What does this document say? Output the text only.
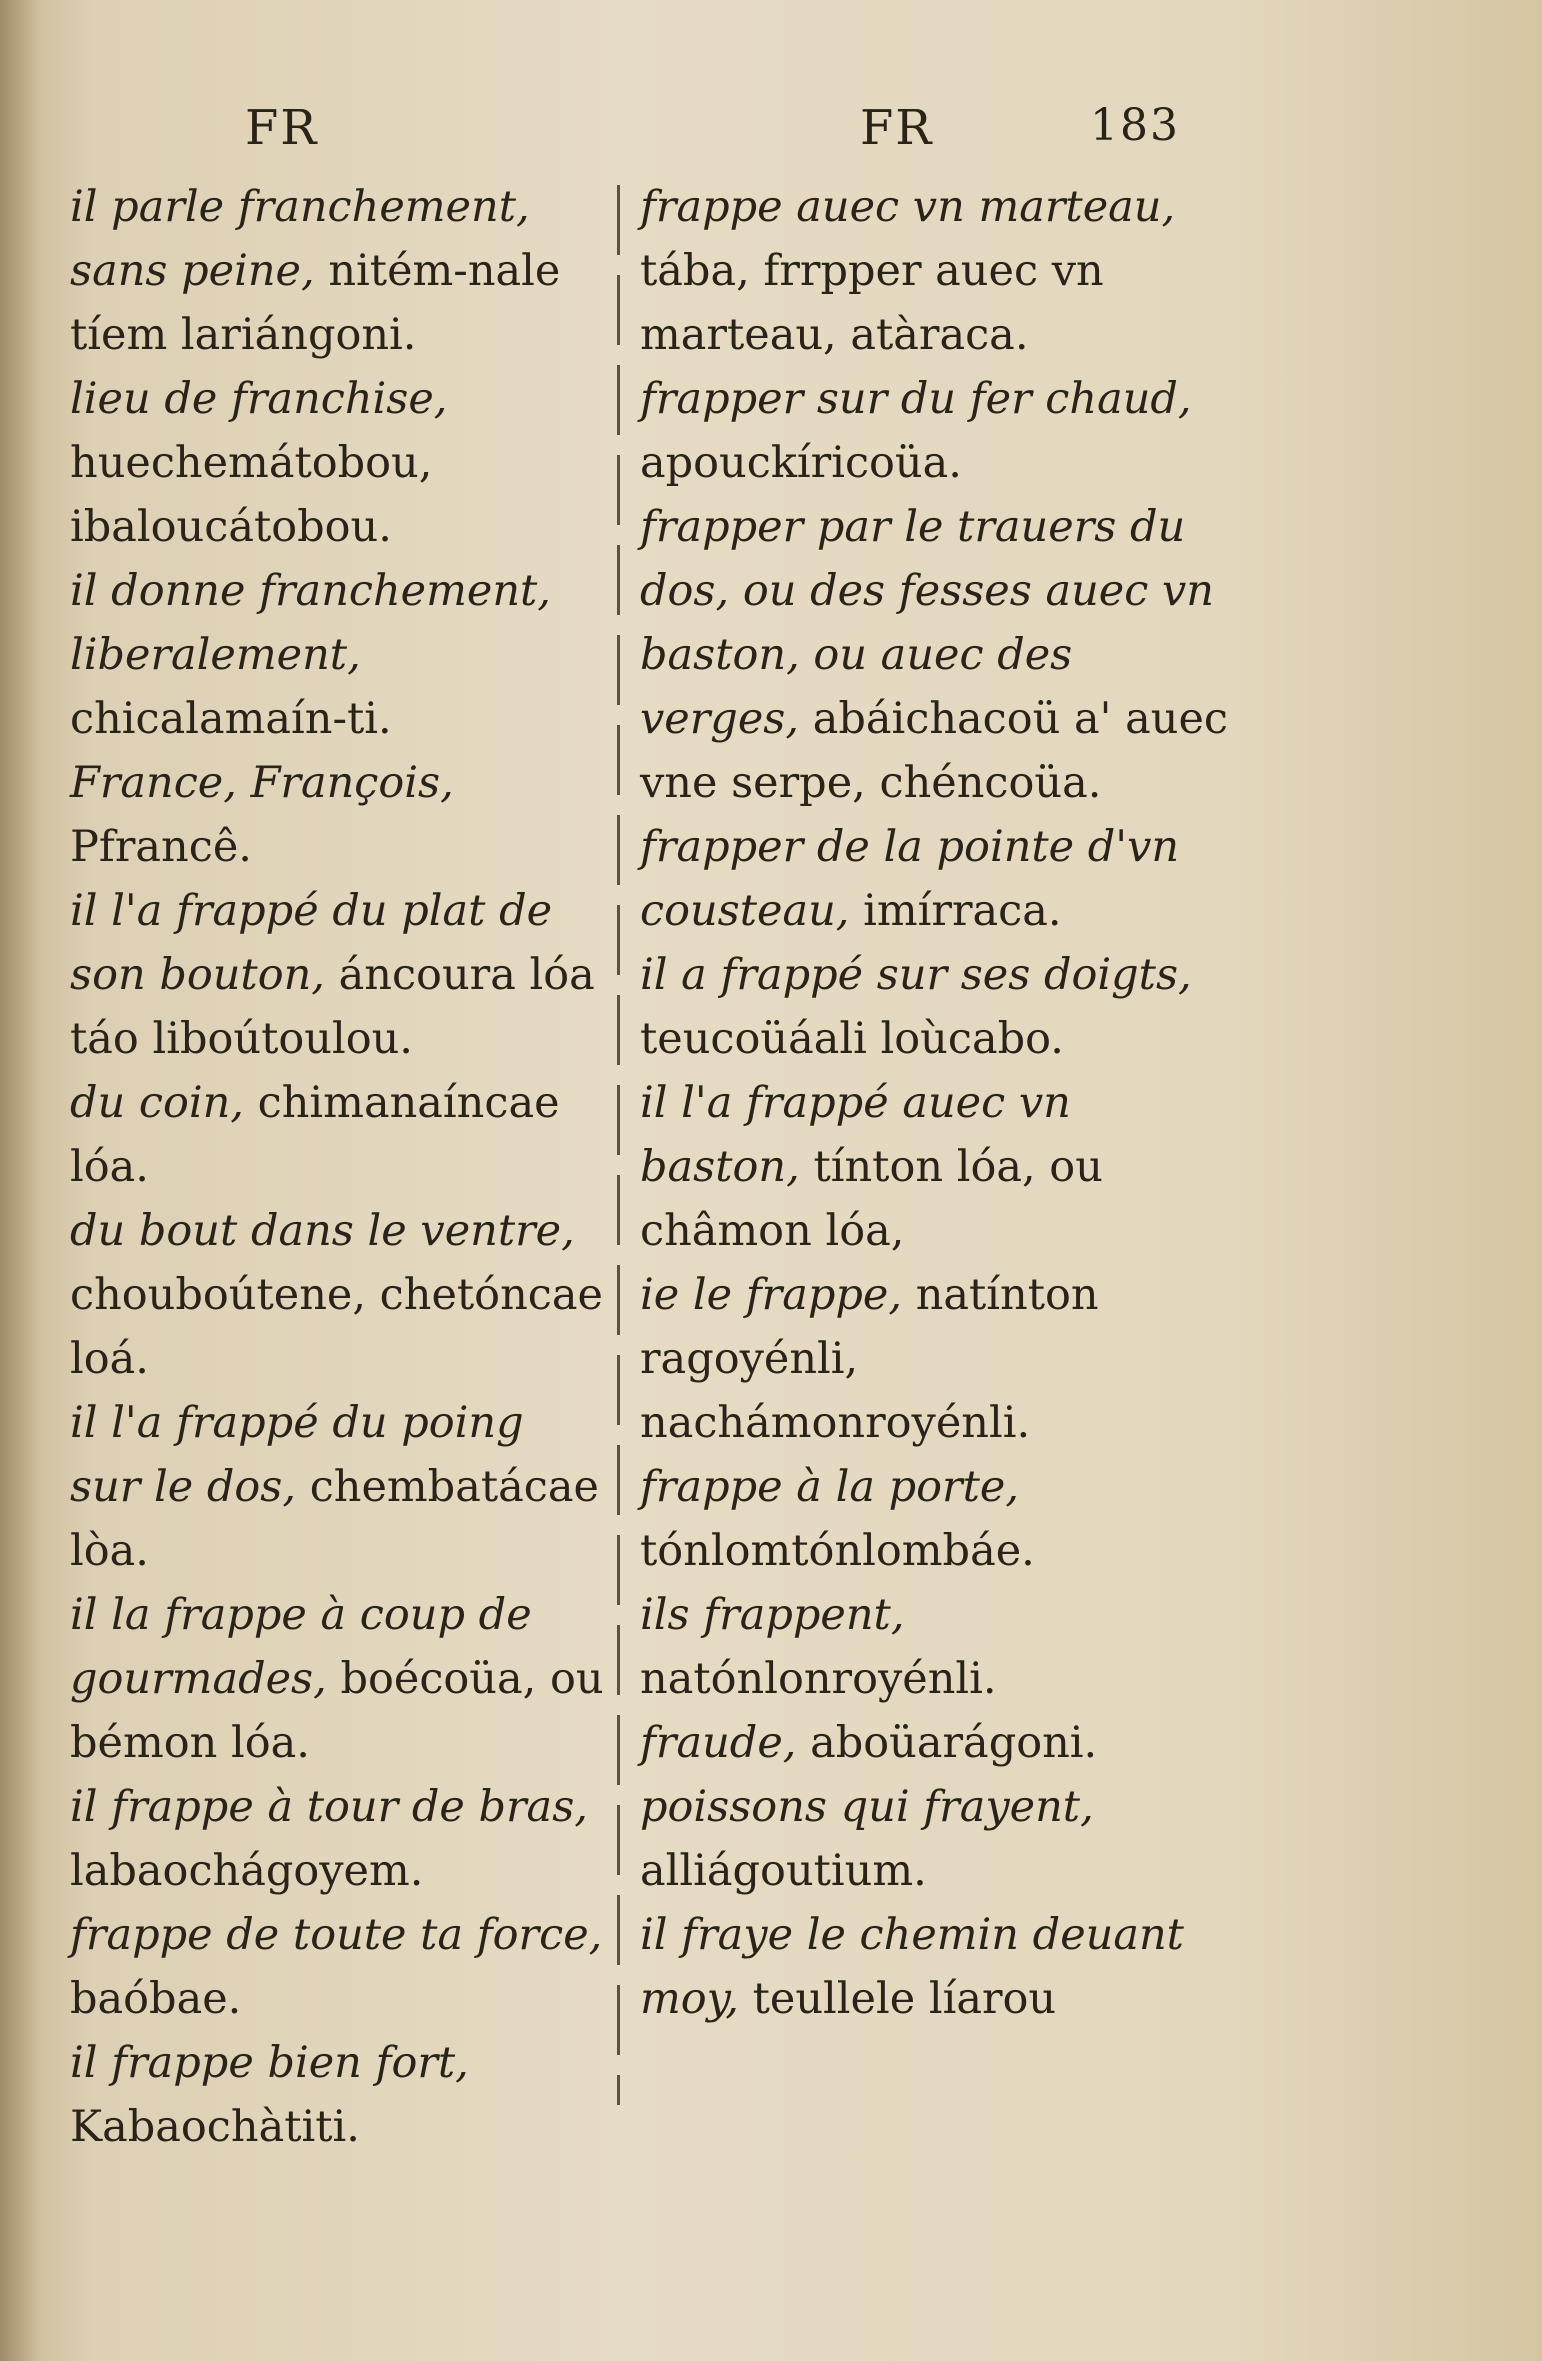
FR	FR	183

il parle franchement, sans peine, nitém-nale tíem lariángoni.

lieu de franchise, huechemátobou, ibaloucátobou.

il donne franchement, liberalement, chicalamaín-ti.

France, François, Pfrancê.

il l'a frappé du plat de son bouton, áncoura lóa táo liboútoulou.

du coin, chimanaíncae lóa.

du bout dans le ventre, chouboútene, chetóncae loá.

il l'a frappé du poing sur le dos, chembatácae lòa.

il la frappe à coup de gourmades, boécoüa, ou bémon lóa.

il frappe à tour de bras, labaochágoyem.

frappe de toute ta force, baóbae.

il frappe bien fort, Kabaochàtiti.

frappe auec vn marteau, tába, frrpper auec vn marteau, atàraca.

frapper sur du fer chaud, apouckíricoüa.

frapper par le trauers du dos, ou des fesses auec vn baston, ou auec des verges, abáichacoü a' auec vne serpe, chéncoüa.

frapper de la pointe d'vn cousteau, imírraca.

il a frappé sur ses doigts, teucoüáali loùcabo.

il l'a frappé auec vn baston, tínton lóa, ou châmon lóa,

ie le frappe, natínton ragoyénli, nachámonroyénli.

frappe à la porte, tónlomtónlombáe.

ils frappent, natónlonroyénli.

fraude, aboüarágoni.

poissons qui frayent, alliágoutium.

il fraye le chemin deuant moy, teullele líarou
